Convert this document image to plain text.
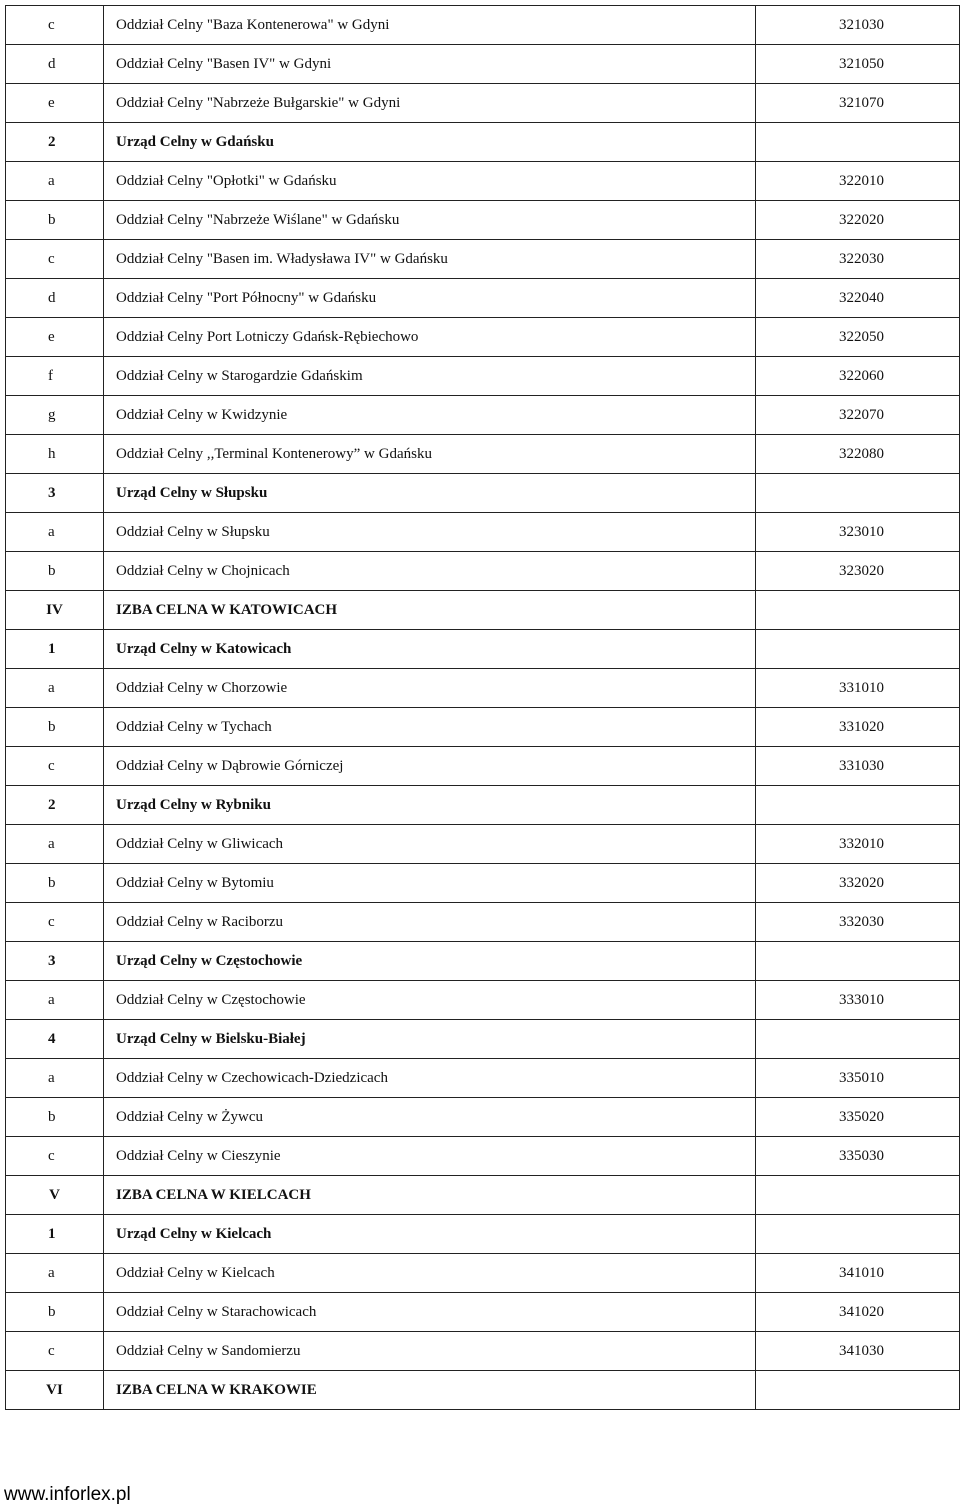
c	Oddział Celny "Baza Kontenerowa" w Gdyni	321030
d	Oddział Celny "Basen IV" w Gdyni	321050
e	Oddział Celny "Nabrzeże Bułgarskie" w Gdyni	321070
2	Urząd Celny w Gdańsku	
a	Oddział Celny "Opłotki" w Gdańsku	322010
b	Oddział Celny "Nabrzeże Wiślane" w Gdańsku	322020
c	Oddział Celny "Basen im. Władysława IV" w Gdańsku	322030
d	Oddział Celny "Port Północny" w Gdańsku	322040
e	Oddział Celny Port Lotniczy Gdańsk-Rębiechowo	322050
f	Oddział Celny w Starogardzie Gdańskim	322060
g	Oddział Celny w Kwidzynie	322070
h	Oddział Celny ,,Terminal Kontenerowy” w Gdańsku	322080
3	Urząd Celny w Słupsku	
a	Oddział Celny w Słupsku	323010
b	Oddział Celny w Chojnicach	323020
IV	IZBA CELNA W KATOWICACH	
1	Urząd Celny w Katowicach	
a	Oddział Celny w Chorzowie	331010
b	Oddział Celny w Tychach	331020
c	Oddział Celny w Dąbrowie Górniczej	331030
2	Urząd Celny w Rybniku	
a	Oddział Celny w Gliwicach	332010
b	Oddział Celny w Bytomiu	332020
c	Oddział Celny w Raciborzu	332030
3	Urząd Celny w Częstochowie	
a	Oddział Celny w Częstochowie	333010
4	Urząd Celny w Bielsku-Białej	
a	Oddział Celny w Czechowicach-Dziedzicach	335010
b	Oddział Celny w Żywcu	335020
c	Oddział Celny w Cieszynie	335030
V	IZBA CELNA W KIELCACH	
1	Urząd Celny w Kielcach	
a	Oddział Celny w Kielcach	341010
b	Oddział Celny w Starachowicach	341020
c	Oddział Celny w Sandomierzu	341030
VI	IZBA CELNA W KRAKOWIE	
www.inforlex.pl
